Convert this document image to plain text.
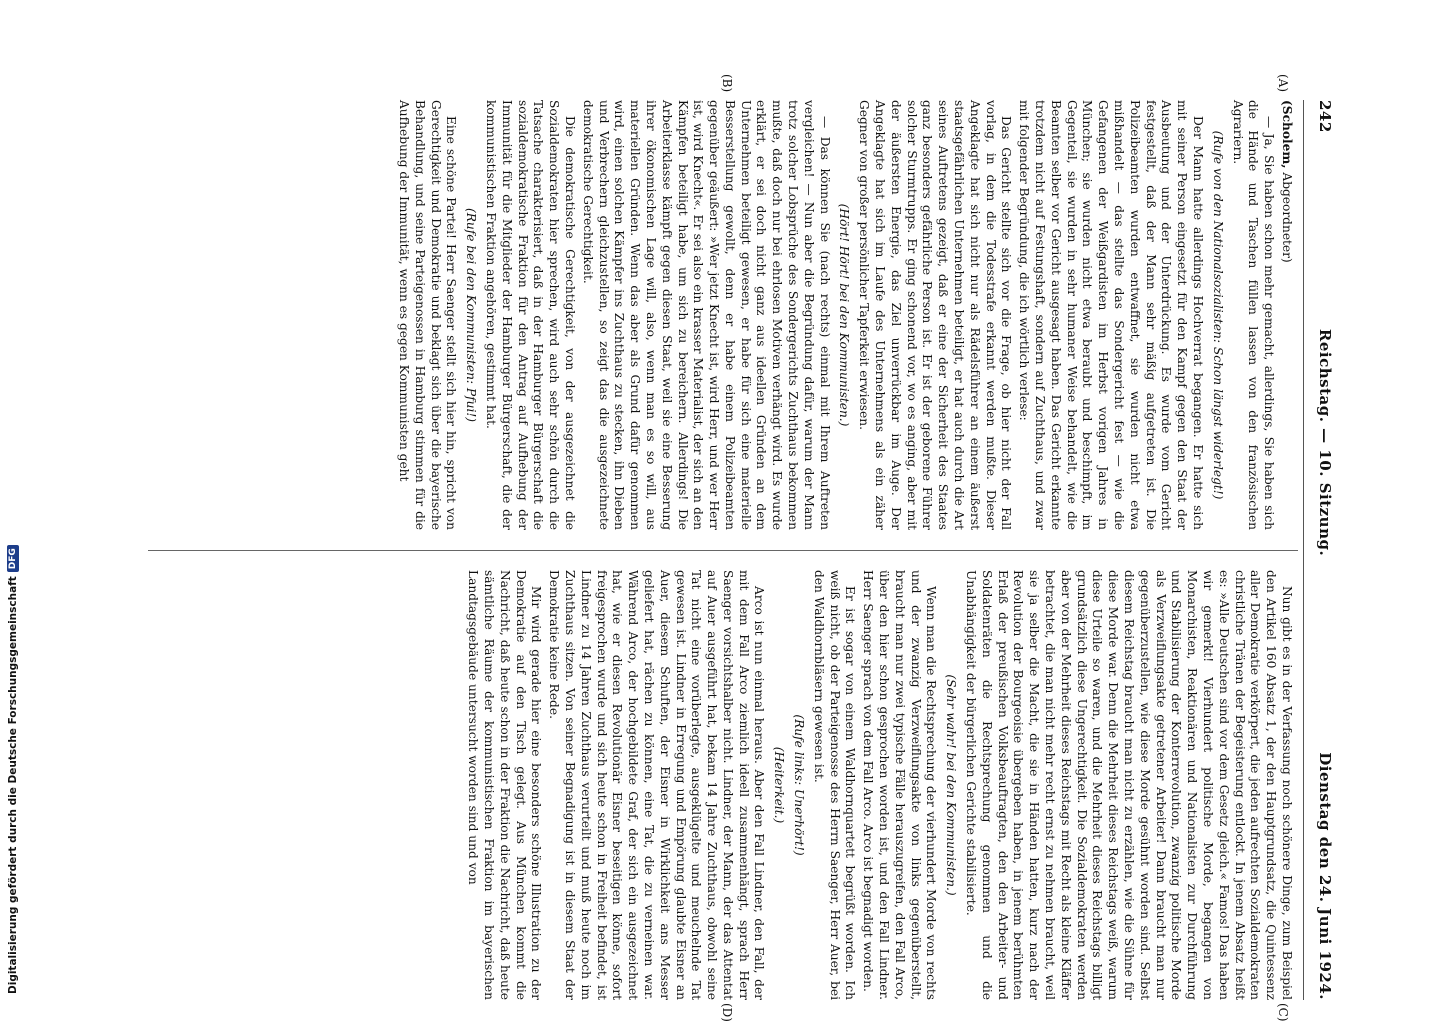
242
Reichstag. — 10. Sitzung.
Dienstag den 24. Juni 1924.
(A)
(B)
(C)
(D)

(Scholem, Abgeordneter)

— Ja, Sie haben schon mehr gemacht, allerdings, Sie haben sich die Hände und Taschen füllen lassen von den französischen Agrariern.

(Rufe von den Nationalsozialisten: Schon längst widerlegt!)

Der Mann hatte allerdings Hochverrat begangen. Er hatte sich mit seiner Person eingesetzt für den Kampf gegen den Staat der Ausbeutung und der Unterdrückung. Es wurde vom Gericht festgestellt, daß der Mann sehr mäßig aufgetreten ist. Die Polizeibeamten wurden entwaffnet, sie wurden nicht etwa mißhandelt — das stellte das Sondergericht fest — wie die Gefangenen der Weißgardisten im Herbst vorigen Jahres in München; sie wurden nicht etwa beraubt und beschimpft, im Gegenteil, sie wurden in sehr humaner Weise behandelt, wie die Beamten selber vor Gericht ausgesagt haben. Das Gericht erkannte trotzdem nicht auf Festungshaft, sondern auf Zuchthaus, und zwar mit folgender Begründung, die ich wörtlich verlese:

Das Gericht stellte sich vor die Frage, ob hier nicht der Fall vorlag, in dem die Todesstrafe erkannt werden mußte. Dieser Angeklagte hat sich nicht nur als Rädelsführer an einem äußerst staatsgefährlichen Unternehmen beteiligt, er hat auch durch die Art seines Auftretens gezeigt, daß er eine der Sicherheit des Staates ganz besonders gefährliche Person ist. Er ist der geborene Führer solcher Sturmtrupps. Er ging schonend vor, wo es anging, aber mit der äußersten Energie, das Ziel unverrückbar im Auge. Der Angeklagte hat sich im Laufe des Unternehmens als ein zäher Gegner von großer persönlicher Tapferkeit erwiesen.

(Hört! Hört! bei den Kommunisten.)

— Das können Sie (nach rechts) einmal mit Ihrem Auftreten vergleichen! — Nun aber die Begründung dafür, warum der Mann trotz solcher Lobsprüche des Sondergerichts Zuchthaus bekommen mußte, daß doch nur bei ehrlosen Motiven verhängt wird. Es wurde erklärt, er sei doch nicht ganz aus ideellen Gründen an dem Unternehmen beteiligt gewesen, er habe für sich eine materielle Besserstellung gewollt, denn er habe einem Polizeibeamten gegenüber geäußert: »Wer jetzt Knecht ist, wird Herr, und wer Herr ist, wird Knecht«. Er sei also ein krasser Materialist, der sich an den Kämpfen beteiligt habe, um sich zu bereichern. Allerdings! Die Arbeiterklasse kämpft gegen diesen Staat, weil sie eine Besserung ihrer ökonomischen Lage will, also, wenn man es so will, aus materiellen Gründen. Wenn das aber als Grund dafür genommen wird, einen solchen Kämpfer ins Zuchthaus zu stecken, ihn Dieben und Verbrechern gleichzustellen, so zeigt das die ausgezeichnete demokratische Gerechtigkeit.

Die demokratische Gerechtigkeit, von der ausgezeichnet die Sozialdemokraten hier sprechen, wird auch sehr schön durch die Tatsache charakterisiert, daß in der Hamburger Bürgerschaft die sozialdemokratische Fraktion für den Antrag auf Aufhebung der Immunität für die Mitglieder der Hamburger Bürgerschaft, die der kommunistischen Fraktion angehören, gestimmt hat.

(Rufe bei den Kommunisten: Pfui!)

Eine schöne Partei! Herr Saenger stellt sich hier hin, spricht von Gerechtigkeit und Demokratie und beklagt sich über die bayerische Behandlung, und seine Parteigenossen in Hamburg stimmen für die Aufhebung der Immunität, wenn es gegen Kommunisten geht

Nun gibt es in der Verfassung noch schönere Dinge, zum Beispiel den Artikel 160 Absatz 1, der den Hauptgrundsatz, die Quintessenz aller Demokratie verkörpert, die jeden aufrechten Sozialdemokraten christliche Tränen der Begeisterung entlockt. In jenem Absatz heißt es: »Alle Deutschen sind vor dem Gesetz gleich.« Famos! Das haben wir gemerkt! Vierhundert politische Morde, begangen von Monarchisten, Reaktionären und Nationalisten zur Durchführung und Stabilisierung der Konterrevolution, zwanzig politische Morde als Verzweiflungsakte getretener Arbeiter! Dann braucht man nur gegenüberzustellen, wie diese Morde gesühnt worden sind. Selbst diesem Reichstag braucht man nicht zu erzählen, wie die Sühne für diese Morde war. Denn die Mehrheit dieses Reichstags weiß, warum diese Urteile so waren, und die Mehrheit dieses Reichstags billigt grundsätzlich diese Ungerechtigkeit. Die Sozialdemokraten werden aber von der Mehrheit dieses Reichstags mit Recht als kleine Kläffer betrachtet, die man nicht mehr recht ernst zu nehmen braucht, weil sie ja selber die Macht, die sie in Händen hatten, kurz nach der Revolution der Bourgeoisie übergeben haben, in jenem berühmten Erlaß der preußischen Volksbeauftragten, den den Arbeiter- und Soldatenräten die Rechtsprechung genommen und die Unabhängigkeit der bürgerlichen Gerichte stabilisierte.

(Sehr wahr! bei den Kommunisten.)

Wenn man die Rechtsprechung der vierhundert Morde von rechts und der zwanzig Verzweiflungsakte von links gegenüberstellt, braucht man nur zwei typische Fälle herauszugreifen, den Fall Arco, über den hier schon gesprochen worden ist, und den Fall Lindner. Herr Saenger sprach von dem Fall Arco. Arco ist begnadigt worden.

Er ist sogar von einem Waldhornquartett begrüßt worden. Ich weiß nicht, ob der Parteigenosse des Herrn Saenger, Herr Auer, bei den Waldhornbläsern gewesen ist.

(Rufe links: Unerhört!)

(Heiterkeit.)

Arco ist nun einmal heraus. Aber den Fall Lindner, den Fall, der mit dem Fall Arco ziemlich ideell zusammenhängt, sprach Herr Saenger vorsichtshalber nicht. Lindner, der Mann, der das Attentat auf Auer ausgeführt hat, bekam 14 Jahre Zuchthaus, obwohl seine Tat nicht eine vorüberlegte, ausgeklügelte und meuchelnde Tat gewesen ist. Lindner in Erregung und Empörung glaubte Eisner an Auer, diesem Schuften, der Eisner in Wirklichkeit ans Messer geliefert hat, rächen zu können, eine Tat, die zu verneinen war. Während Arco, der hochgebildete Graf, der sich ein ausgezeichnet hat, wie er diesen Revolutionär Eisner beseitigen könne, sofort freigesprochen wurde und sich heute schon in Freiheit befindet, ist Lindner zu 14 Jahren Zuchthaus verurteilt und muß heute noch im Zuchthaus sitzen. Von seiner Begnadigung ist in diesem Staat der Demokratie keine Rede.

Mir wird gerade hier eine besonders schöne Illustration zu der Demokratie auf den Tisch gelegt. Aus München kommt die Nachricht, daß heute schon in der Fraktion die Nachricht, daß heute sämtliche Räume der kommunistischen Fraktion im bayerischen Landtagsgebäude untersucht worden sind und von

Digitalisierung gefördert durch die Deutsche Forschungsgemeinschaft
DFG
